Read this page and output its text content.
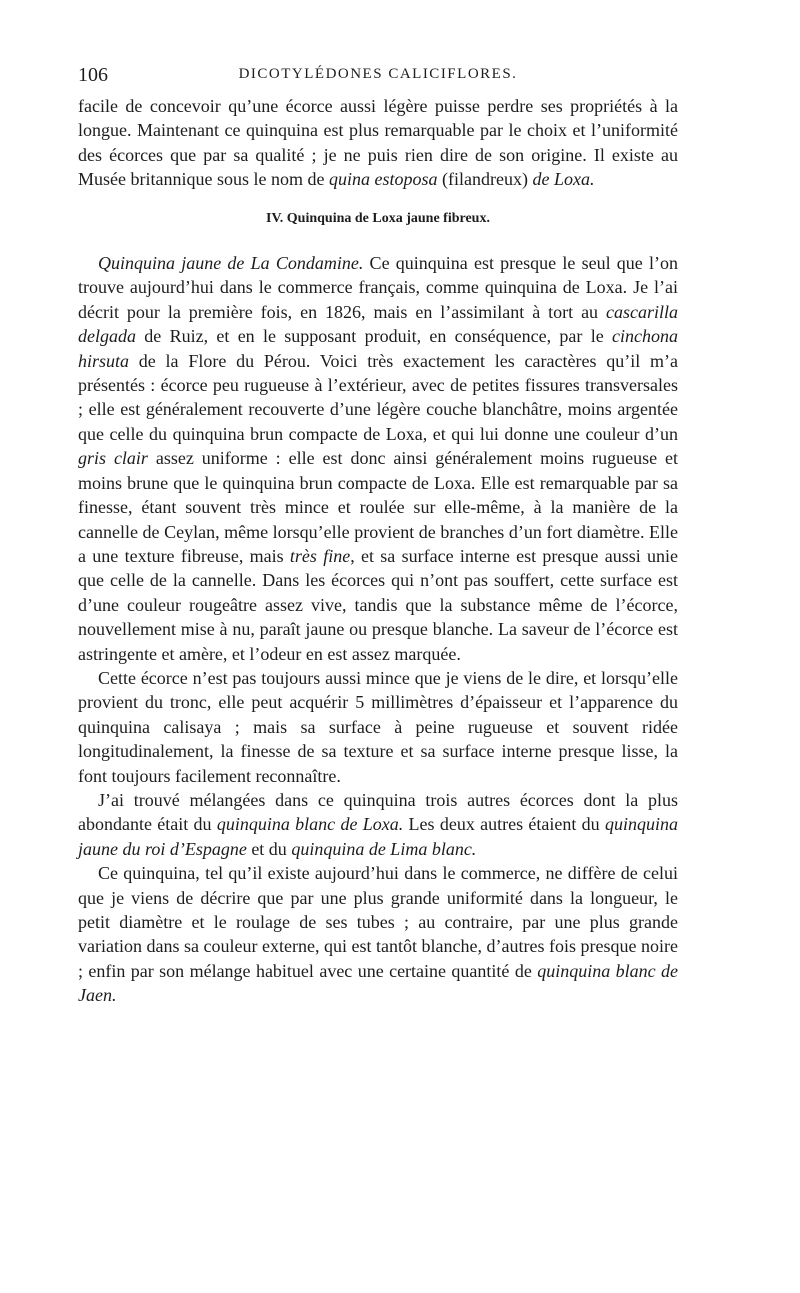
106	DICOTYLÉDONES CALICIFLORES.

facile de concevoir qu’une écorce aussi légère puisse perdre ses propriétés à la longue. Maintenant ce quinquina est plus remarquable par le choix et l’uniformité des écorces que par sa qualité ; je ne puis rien dire de son origine. Il existe au Musée britannique sous le nom de quina estoposa (filandreux) de Loxa.

IV. Quinquina de Loxa jaune fibreux.

Quinquina jaune de La Condamine. Ce quinquina est presque le seul que l’on trouve aujourd’hui dans le commerce français, comme quinquina de Loxa. Je l’ai décrit pour la première fois, en 1826, mais en l’assimilant à tort au cascarilla delgada de Ruiz, et en le supposant produit, en conséquence, par le cinchona hirsuta de la Flore du Pérou. Voici très exactement les caractères qu’il m’a présentés : écorce peu rugueuse à l’extérieur, avec de petites fissures transversales ; elle est généralement recouverte d’une légère couche blanchâtre, moins argentée que celle du quinquina brun compacte de Loxa, et qui lui donne une couleur d’un gris clair assez uniforme : elle est donc ainsi généralement moins rugueuse et moins brune que le quinquina brun compacte de Loxa. Elle est remarquable par sa finesse, étant souvent très mince et roulée sur elle-même, à la manière de la cannelle de Ceylan, même lorsqu’elle provient de branches d’un fort diamètre. Elle a une texture fibreuse, mais très fine, et sa surface interne est presque aussi unie que celle de la cannelle. Dans les écorces qui n’ont pas souffert, cette surface est d’une couleur rougeâtre assez vive, tandis que la substance même de l’écorce, nouvellement mise à nu, paraît jaune ou presque blanche. La saveur de l’écorce est astringente et amère, et l’odeur en est assez marquée.

Cette écorce n’est pas toujours aussi mince que je viens de le dire, et lorsqu’elle provient du tronc, elle peut acquérir 5 millimètres d’épaisseur et l’apparence du quinquina calisaya ; mais sa surface à peine rugueuse et souvent ridée longitudinalement, la finesse de sa texture et sa surface interne presque lisse, la font toujours facilement reconnaître.

J’ai trouvé mélangées dans ce quinquina trois autres écorces dont la plus abondante était du quinquina blanc de Loxa. Les deux autres étaient du quinquina jaune du roi d’Espagne et du quinquina de Lima blanc.

Ce quinquina, tel qu’il existe aujourd’hui dans le commerce, ne diffère de celui que je viens de décrire que par une plus grande uniformité dans la longueur, le petit diamètre et le roulage de ses tubes ; au contraire, par une plus grande variation dans sa couleur externe, qui est tantôt blanche, d’autres fois presque noire ; enfin par son mélange habituel avec une certaine quantité de quinquina blanc de Jaen.
